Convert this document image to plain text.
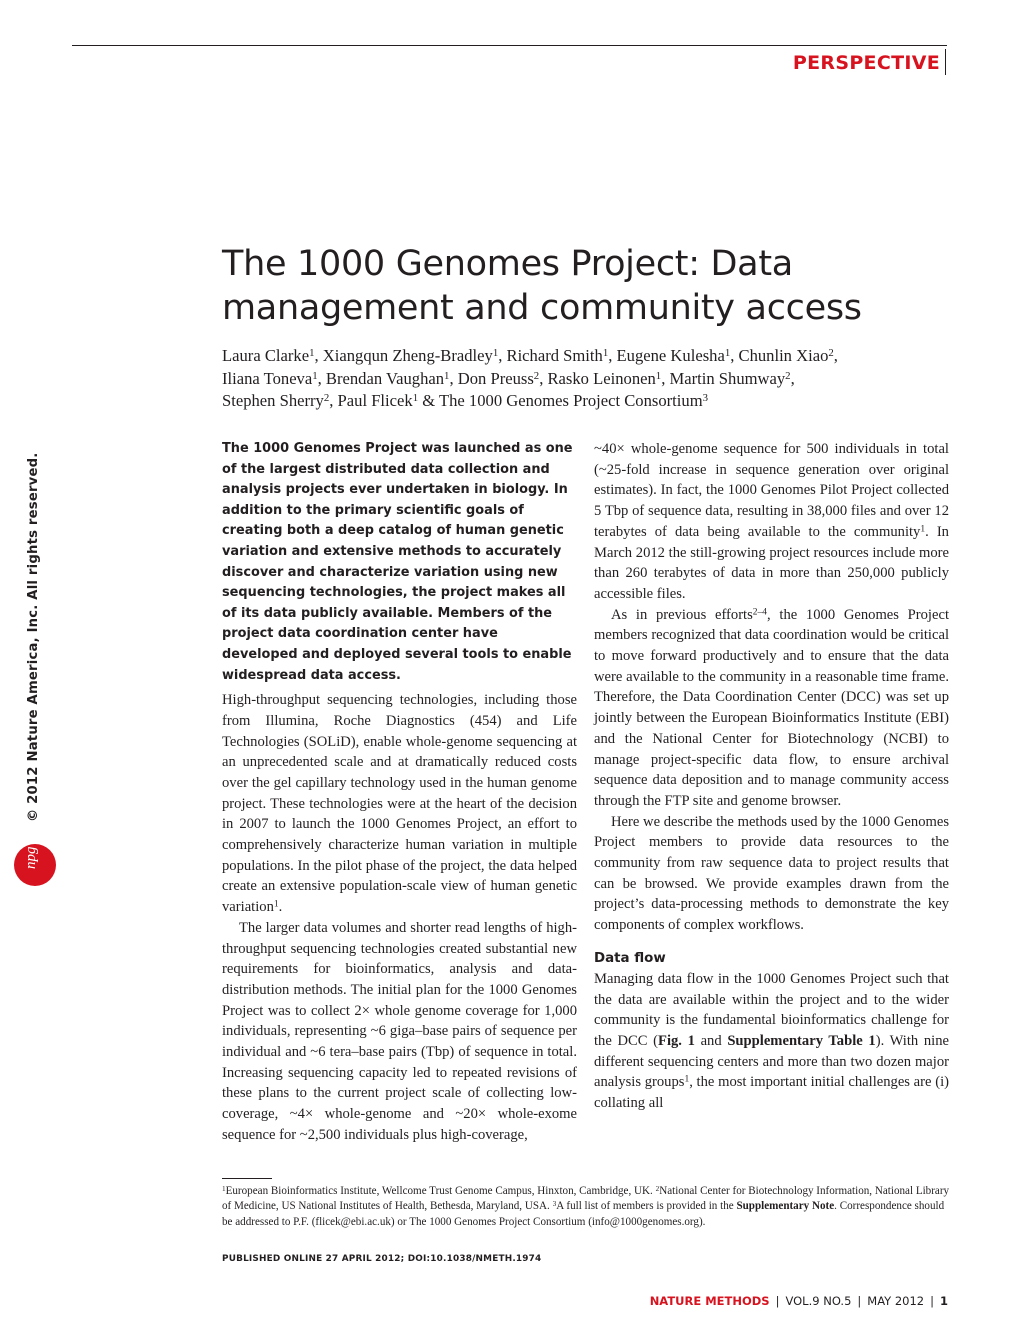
PERSPECTIVE
The 1000 Genomes Project: Data
management and community access
Laura Clarke$^1$, Xiangqun Zheng-Bradley$^1$, Richard Smith$^1$, Eugene Kulesha$^1$, Chunlin Xiao$^2$,
Iliana Toneva$^1$, Brendan Vaughan$^1$, Don Preuss$^2$, Rasko Leinonen$^1$, Martin Shumway$^2$,
Stephen Sherry$^2$, Paul Flicek$^1$ & The 1000 Genomes Project Consortium$^3$
© 2012 Nature America, Inc. All rights reserved.
npg

The 1000 Genomes Project was launched as one of the largest distributed data collection and analysis projects ever undertaken in biology. In addition to the primary scientific goals of creating both a deep catalog of human genetic variation and extensive methods to accurately discover and characterize variation using new sequencing technologies, the project makes all of its data publicly available. Members of the project data coordination center have developed and deployed several tools to enable widespread data access.

High-throughput sequencing technologies, including those from Illumina, Roche Diagnostics (454) and Life Technologies (SOLiD), enable whole-genome sequencing at an unprecedented scale and at dramatically reduced costs over the gel capillary technology used in the human genome project. These technologies were at the heart of the decision in 2007 to launch the 1000 Genomes Project, an effort to comprehensively characterize human variation in multiple populations. In the pilot phase of the project, the data helped create an extensive population-scale view of human genetic variation$^1$.

The larger data volumes and shorter read lengths of high-throughput sequencing technologies created substantial new requirements for bioinformatics, analysis and data-distribution methods. The initial plan for the 1000 Genomes Project was to collect 2× whole genome coverage for 1,000 individuals, representing ~6 giga–base pairs of sequence per individual and ~6 tera–base pairs (Tbp) of sequence in total. Increasing sequencing capacity led to repeated revisions of these plans to the current project scale of collecting low-coverage, ~4× whole-genome and ~20× whole-exome sequence for ~2,500 individuals plus high-coverage,

~40× whole-genome sequence for 500 individuals in total (~25-fold increase in sequence generation over original estimates). In fact, the 1000 Genomes Pilot Project collected 5 Tbp of sequence data, resulting in 38,000 files and over 12 terabytes of data being available to the community$^1$. In March 2012 the still-growing project resources include more than 260 terabytes of data in more than 250,000 publicly accessible files.

As in previous efforts$^{2-4}$, the 1000 Genomes Project members recognized that data coordination would be critical to move forward productively and to ensure that the data were available to the community in a reasonable time frame. Therefore, the Data Coordination Center (DCC) was set up jointly between the European Bioinformatics Institute (EBI) and the National Center for Biotechnology (NCBI) to manage project-specific data flow, to ensure archival sequence data deposition and to manage community access through the FTP site and genome browser.

Here we describe the methods used by the 1000 Genomes Project members to provide data resources to the community from raw sequence data to project results that can be browsed. We provide examples drawn from the project’s data-processing methods to demonstrate the key components of complex workflows.

Data flow

Managing data flow in the 1000 Genomes Project such that the data are available within the project and to the wider community is the fundamental bioinformatics challenge for the DCC (Fig. 1 and Supplementary Table 1). With nine different sequencing centers and more than two dozen major analysis groups$^1$, the most important initial challenges are (i) collating all

$^1$European Bioinformatics Institute, Wellcome Trust Genome Campus, Hinxton, Cambridge, UK. $^2$National Center for Biotechnology Information, National Library of Medicine, US National Institutes of Health, Bethesda, Maryland, USA. $^3$A full list of members is provided in the Supplementary Note. Correspondence should be addressed to P.F. (flicek@ebi.ac.uk) or The 1000 Genomes Project Consortium (info@1000genomes.org).

PUBLISHED ONLINE 27 APRIL 2012; DOI:10.1038/NMETH.1974
NATURE METHODS | VOL.9 NO.5 | MAY 2012 | 1
